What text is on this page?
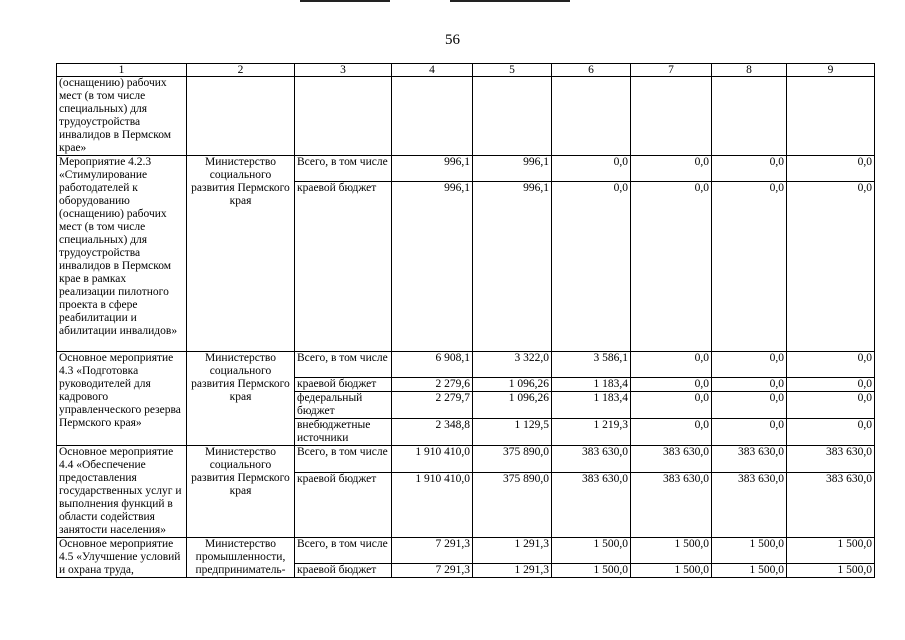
56
1	2	3	4	5	6	7	8	9
(оснащению) рабочих мест (в том числе специальных) для трудоустройства инвалидов в Пермском крае»								
Мероприятие 4.2.3 «Стимулирование работодателей к оборудованию (оснащению) рабочих мест (в том числе специальных) для трудоустройства инвалидов в Пермском крае в рамках реализации пилотного проекта в сфере реабилитации и абилитации инвалидов»	Министерство социального развития Пермского края	Всего, в том числе	996,1	996,1	0,0	0,0	0,0	0,0
		краевой бюджет	996,1	996,1	0,0	0,0	0,0	0,0
Основное мероприятие 4.3 «Подготовка руководителей для кадрового управленческого резерва Пермского края»	Министерство социального развития Пермского края	Всего, в том числе	6 908,1	3 322,0	3 586,1	0,0	0,0	0,0
		краевой бюджет	2 279,6	1 096,26	1 183,4	0,0	0,0	0,0
		федеральный бюджет	2 279,7	1 096,26	1 183,4	0,0	0,0	0,0
		внебюджетные источники	2 348,8	1 129,5	1 219,3	0,0	0,0	0,0
Основное мероприятие 4.4 «Обеспечение предоставления государственных услуг и выполнения функций в области содействия занятости населения»	Министерство социального развития Пермского края	Всего, в том числе	1 910 410,0	375 890,0	383 630,0	383 630,0	383 630,0	383 630,0
		краевой бюджет	1 910 410,0	375 890,0	383 630,0	383 630,0	383 630,0	383 630,0
Основное мероприятие 4.5 «Улучшение условий и охрана труда,	Министерство промышленности, предприниматель-	Всего, в том числе	7 291,3	1 291,3	1 500,0	1 500,0	1 500,0	1 500,0
		краевой бюджет	7 291,3	1 291,3	1 500,0	1 500,0	1 500,0	1 500,0
